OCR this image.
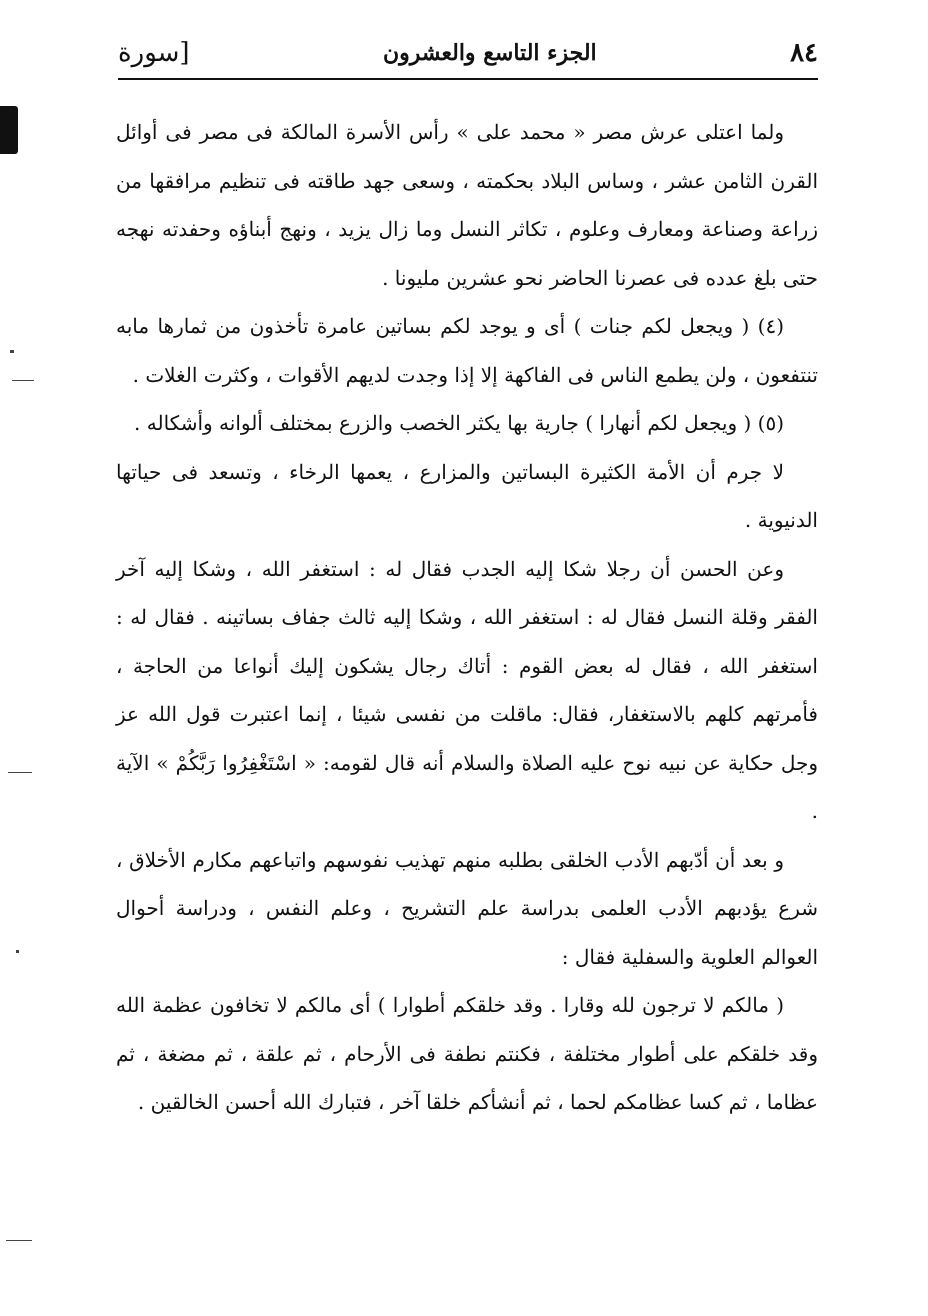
٨٤
الجزء التاسع والعشرون
[سورة

ولما اعتلى عرش مصر « محمد على » رأس الأسرة المالكة فى مصر فى أوائل القرن الثامن عشر ، وساس البلاد بحكمته ، وسعى جهد طاقته فى تنظيم مرافقها من زراعة وصناعة ومعارف وعلوم ، تكاثر النسل وما زال يزيد ، ونهج أبناؤه وحفدته نهجه حتى بلغ عدده فى عصرنا الحاضر نحو عشرين مليونا .

(٤) ( ويجعل لكم جنات ) أى و يوجد لكم بساتين عامرة تأخذون من ثمارها مابه تنتفعون ، ولن يطمع الناس فى الفاكهة إلا إذا وجدت لديهم الأقوات ، وكثرت الغلات .

(٥) ( ويجعل لكم أنهارا ) جارية بها يكثر الخصب والزرع بمختلف ألوانه وأشكاله .

لا جرم أن الأمة الكثيرة البساتين والمزارع ، يعمها الرخاء ، وتسعد فى حياتها الدنيوية .

وعن الحسن أن رجلا شكا إليه الجدب فقال له : استغفر الله ، وشكا إليه آخر الفقر وقلة النسل فقال له : استغفر الله ، وشكا إليه ثالث جفاف بساتينه . فقال له : استغفر الله ، فقال له بعض القوم : أتاك رجال يشكون إليك أنواعا من الحاجة ، فأمرتهم كلهم بالاستغفار، فقال: ماقلت من نفسى شيئا ، إنما اعتبرت قول الله عز وجل حكاية عن نبيه نوح عليه الصلاة والسلام أنه قال لقومه: « اسْتَغْفِرُوا رَبَّكُمْ » الآية .

و بعد أن أدّبهم الأدب الخلقى بطلبه منهم تهذيب نفوسهم واتباعهم مكارم الأخلاق ، شرع يؤدبهم الأدب العلمى بدراسة علم التشريح ، وعلم النفس ، ودراسة أحوال العوالم العلوية والسفلية فقال :

( مالكم لا ترجون لله وقارا . وقد خلقكم أطوارا ) أى مالكم لا تخافون عظمة الله وقد خلقكم على أطوار مختلفة ، فكنتم نطفة فى الأرحام ، ثم علقة ، ثم مضغة ، ثم عظاما ، ثم كسا عظامكم لحما ، ثم أنشأكم خلقا آخر ، فتبارك الله أحسن الخالقين .
